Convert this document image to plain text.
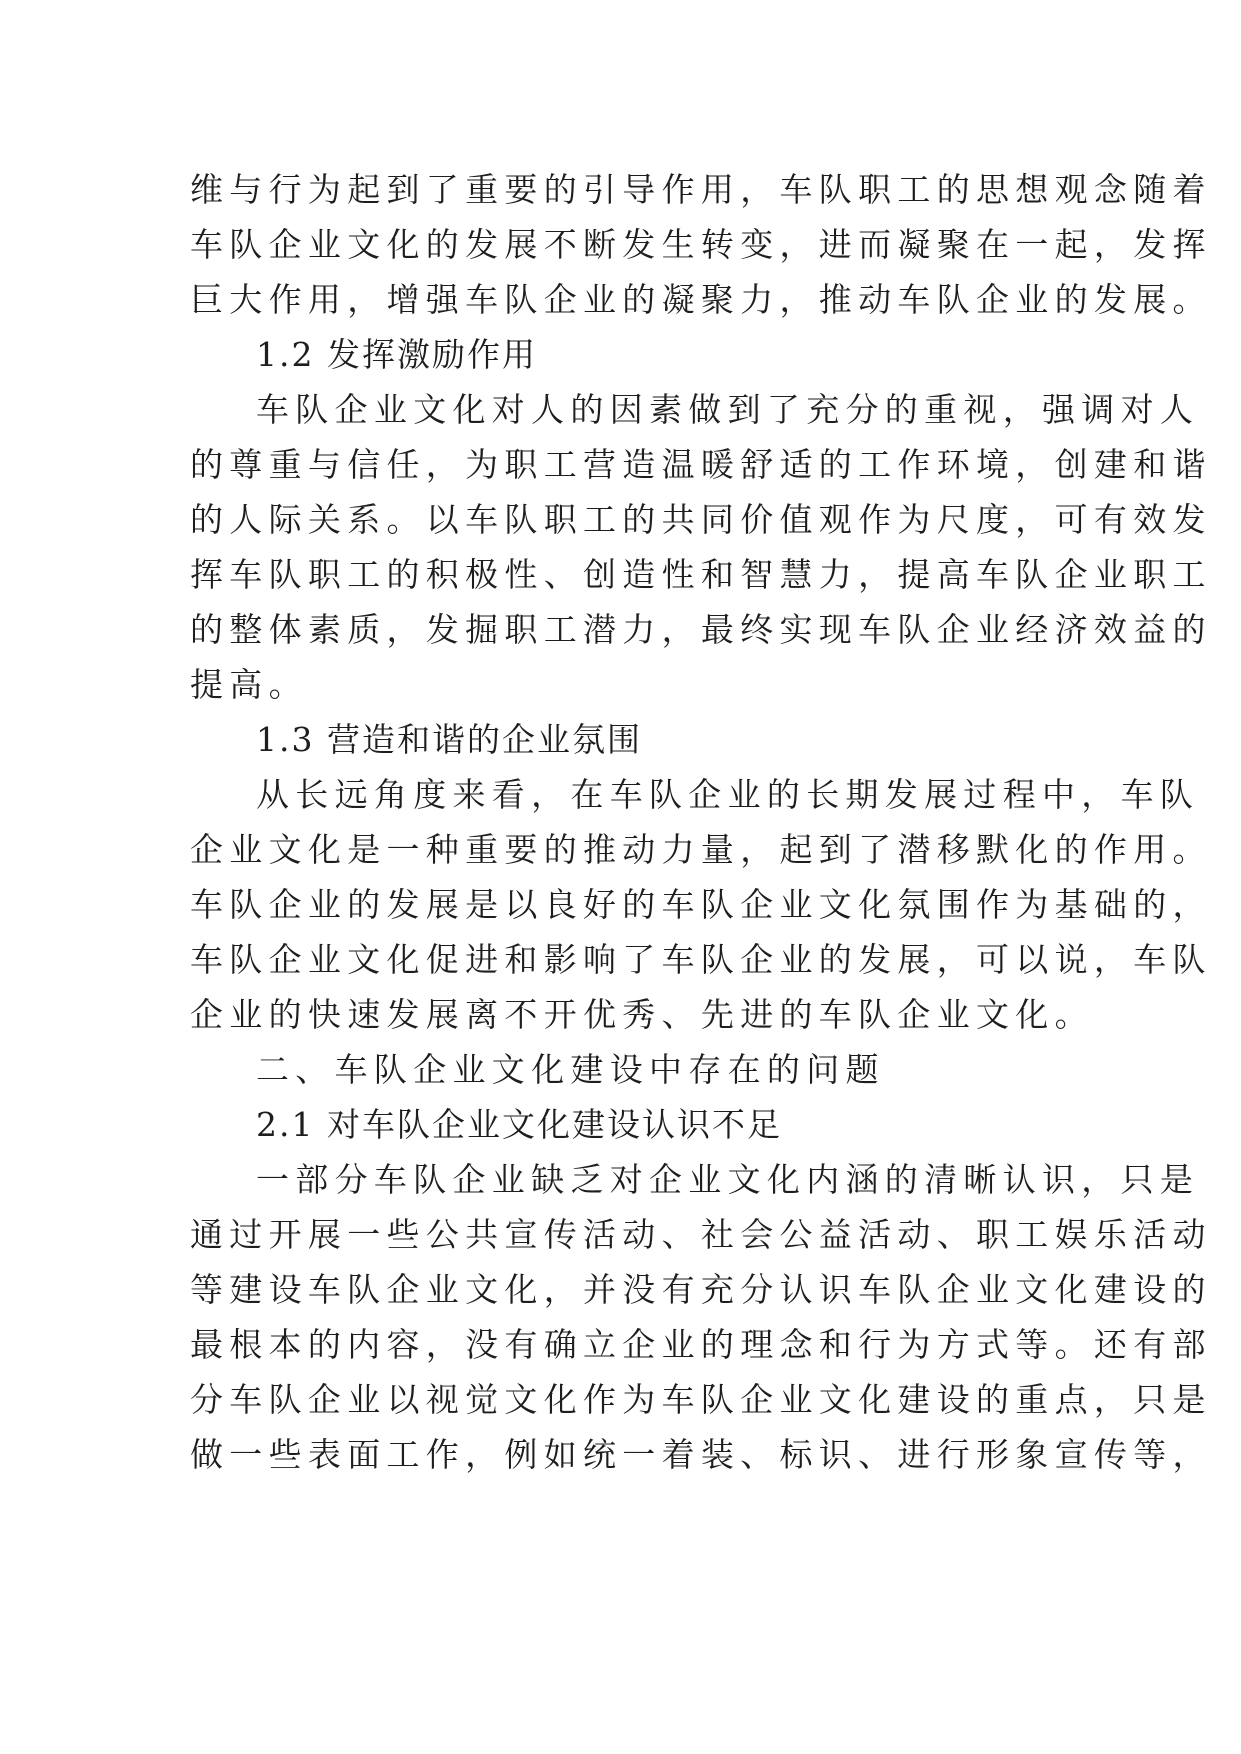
维与行为起到了重要的引导作用，车队职工的思想观念随着
车队企业文化的发展不断发生转变，进而凝聚在一起，发挥
巨大作用，增强车队企业的凝聚力，推动车队企业的发展。
1.2 发挥激励作用
车队企业文化对人的因素做到了充分的重视，强调对人
的尊重与信任，为职工营造温暖舒适的工作环境，创建和谐
的人际关系。以车队职工的共同价值观作为尺度，可有效发
挥车队职工的积极性、创造性和智慧力，提高车队企业职工
的整体素质，发掘职工潜力，最终实现车队企业经济效益的
提高。
1.3 营造和谐的企业氛围
从长远角度来看，在车队企业的长期发展过程中，车队
企业文化是一种重要的推动力量，起到了潜移默化的作用。
车队企业的发展是以良好的车队企业文化氛围作为基础的，
车队企业文化促进和影响了车队企业的发展，可以说，车队
企业的快速发展离不开优秀、先进的车队企业文化。
二、车队企业文化建设中存在的问题
2.1 对车队企业文化建设认识不足
一部分车队企业缺乏对企业文化内涵的清晰认识，只是
通过开展一些公共宣传活动、社会公益活动、职工娱乐活动
等建设车队企业文化，并没有充分认识车队企业文化建设的
最根本的内容，没有确立企业的理念和行为方式等。还有部
分车队企业以视觉文化作为车队企业文化建设的重点，只是
做一些表面工作，例如统一着装、标识、进行形象宣传等，
